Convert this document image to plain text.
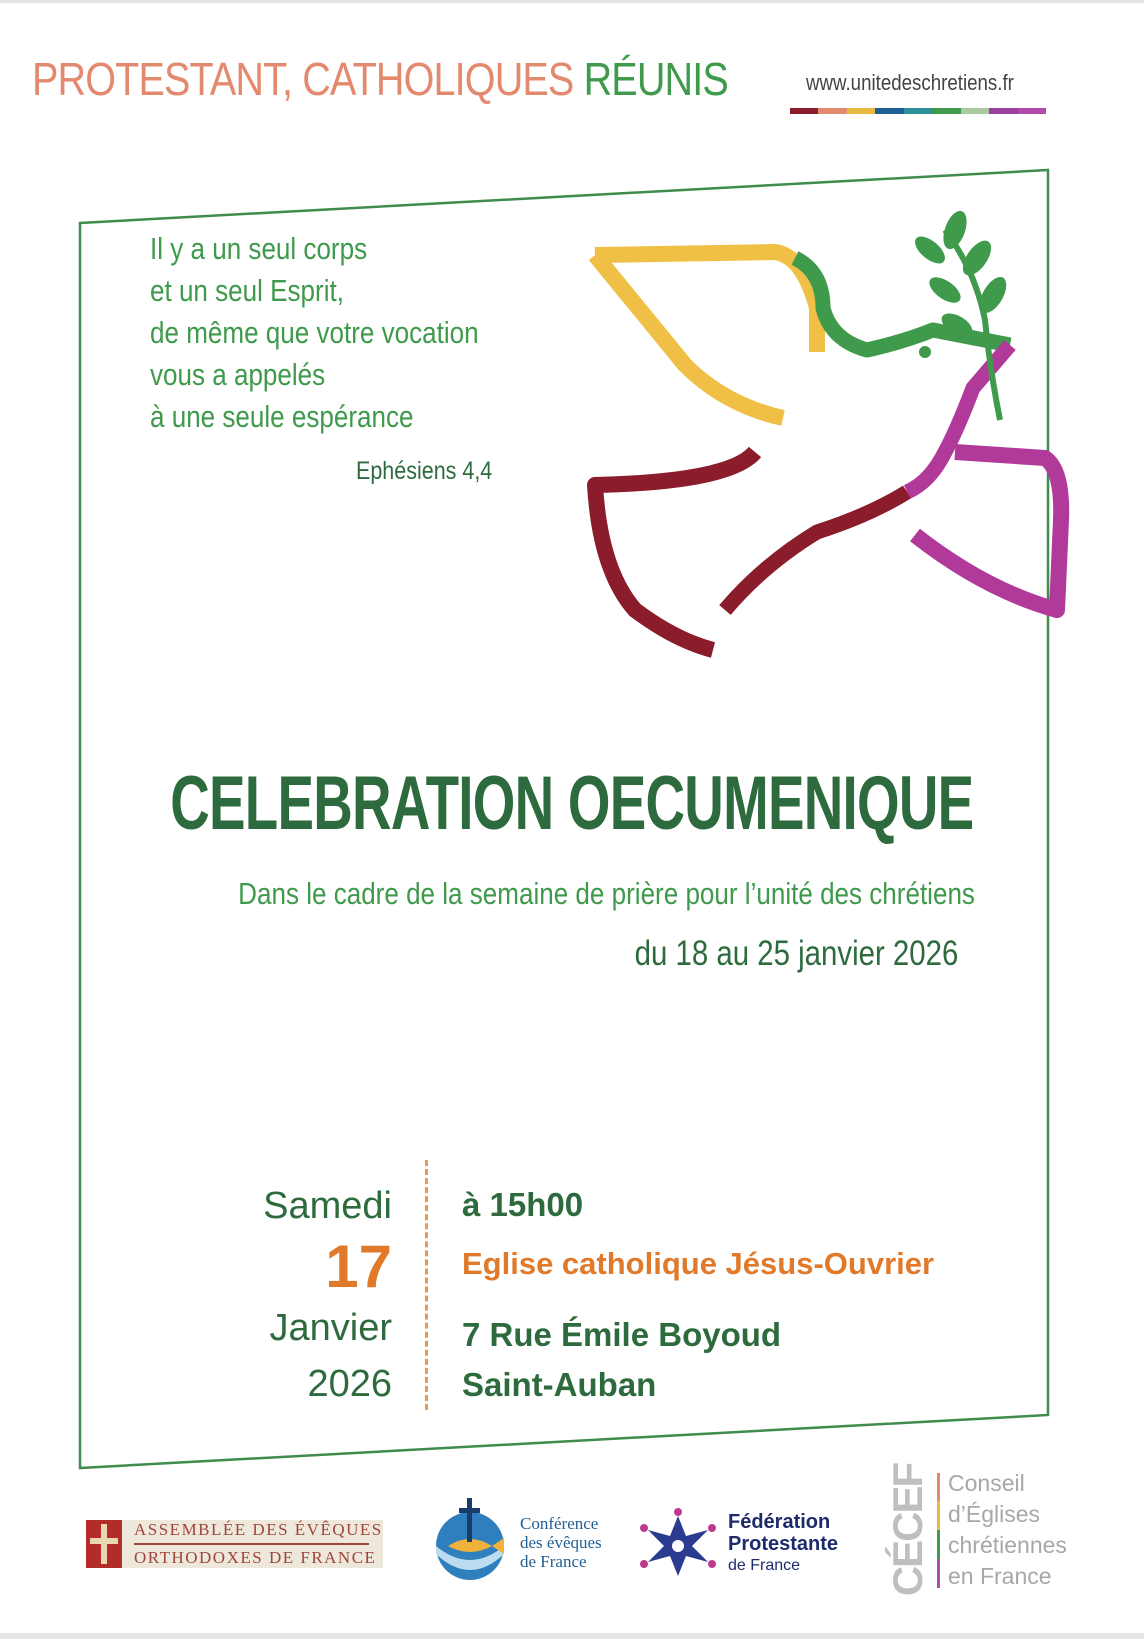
PROTESTANT, CATHOLIQUES RÉUNIS	www.unitedeschretiens.fr
Il y a un seul corps
et un seul Esprit,
de même que votre vocation
vous a appelés
à une seule espérance
Ephésiens 4,4
CELEBRATION OECUMENIQUE
Dans le cadre de la semaine de prière pour l’unité des chrétiens
du 18 au 25 janvier 2026
Samedi
17
Janvier
2026
à 15h00
Eglise catholique Jésus-Ouvrier
7 Rue Émile Boyoud
Saint-Auban
ASSEMBLÉE DES ÉVÊQUES
ORTHODOXES DE FRANCE
Conférence
des évêques
de France
Fédération
Protestante
de France	CÉCEF Conseil
d’Églises
chrétiennes
en France
